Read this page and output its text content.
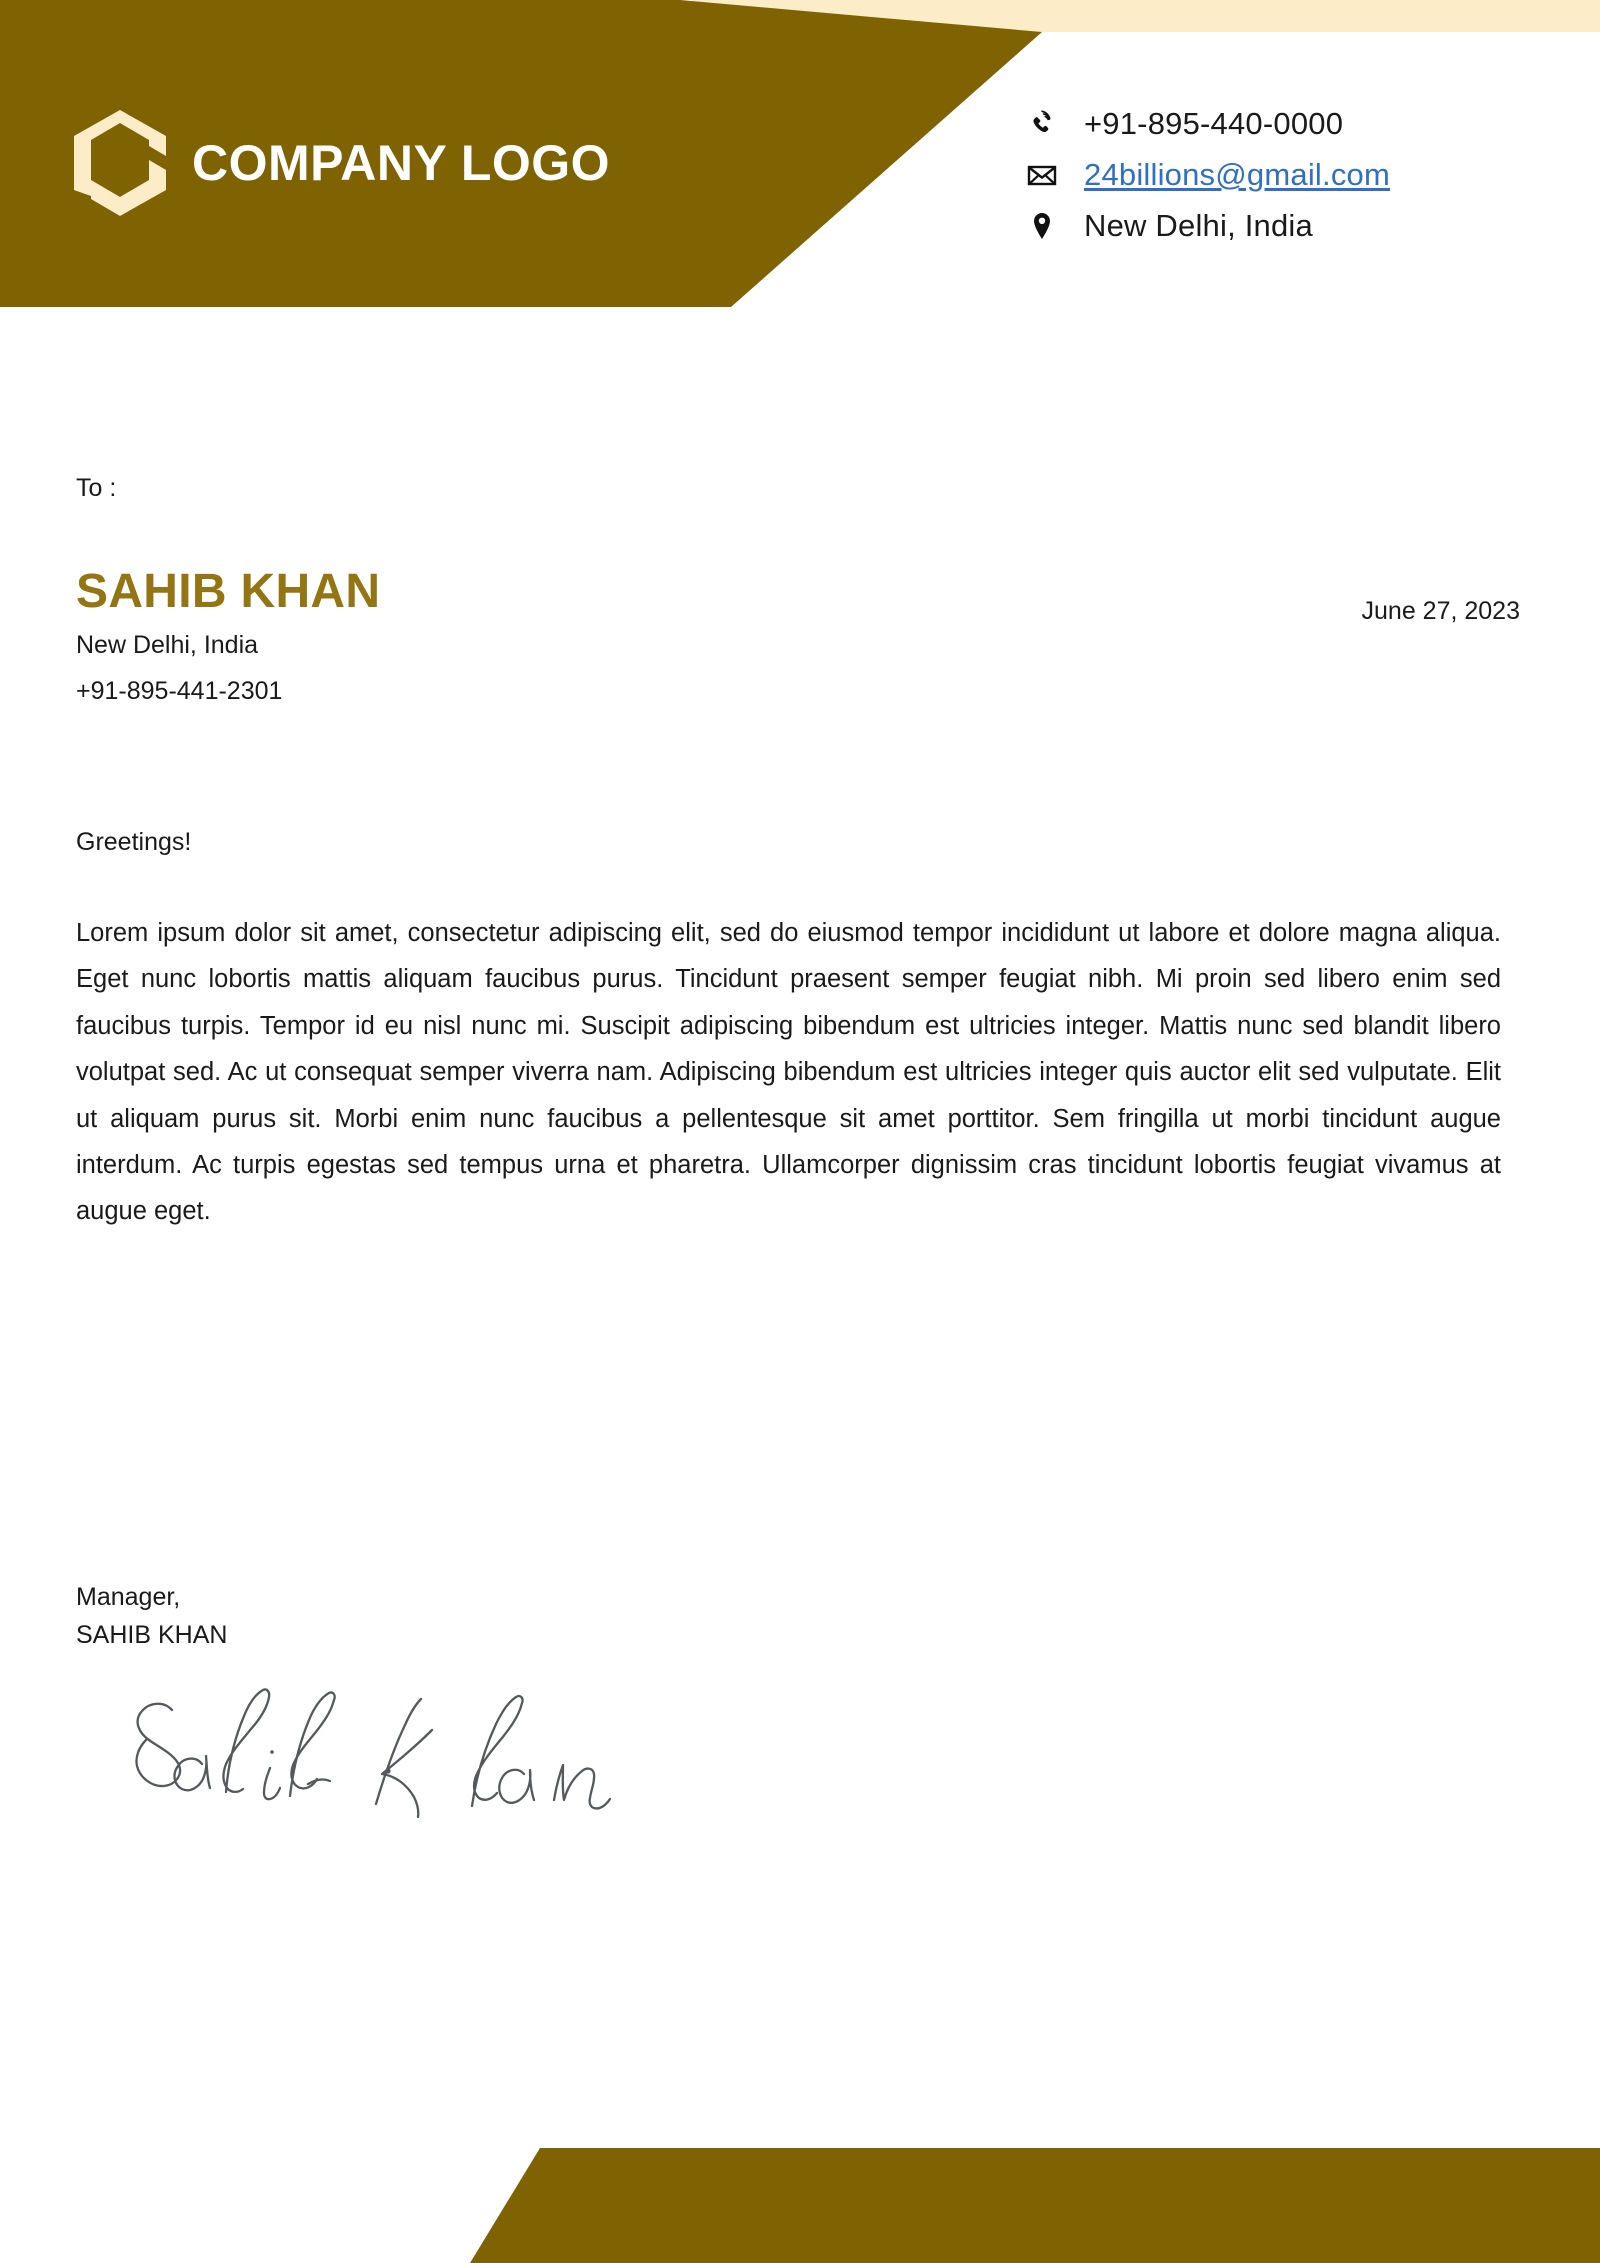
COMPANY LOGO
+91-895-440-0000
24billions@gmail.com
New Delhi, India
To :
SAHIB KHAN
New Delhi, India
+91-895-441-2301
June 27, 2023
Greetings!
Lorem ipsum dolor sit amet, consectetur adipiscing elit, sed do eiusmod tempor incididunt ut labore et dolore magna aliqua. Eget nunc lobortis mattis aliquam faucibus purus. Tincidunt praesent semper feugiat nibh. Mi proin sed libero enim sed faucibus turpis. Tempor id eu nisl nunc mi. Suscipit adipiscing bibendum est ultricies integer. Mattis nunc sed blandit libero volutpat sed. Ac ut consequat semper viverra nam. Adipiscing bibendum est ultricies integer quis auctor elit sed vulputate. Elit ut aliquam purus sit. Morbi enim nunc faucibus a pellentesque sit amet porttitor. Sem fringilla ut morbi tincidunt augue interdum. Ac turpis egestas sed tempus urna et pharetra. Ullamcorper dignissim cras tincidunt lobortis feugiat vivamus at augue eget.
Manager,
SAHIB KHAN
